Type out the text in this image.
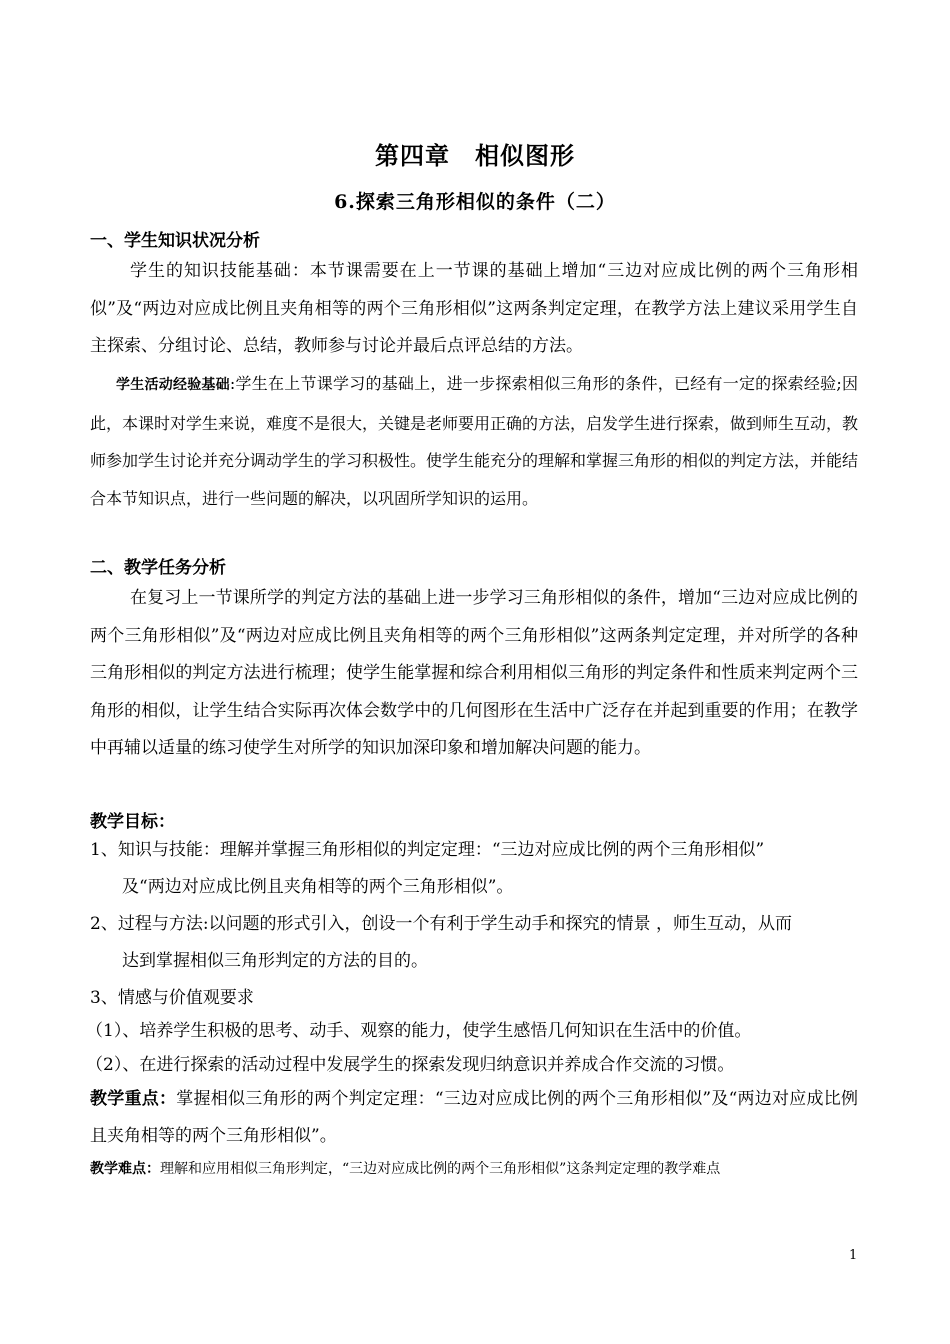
第四章　相似图形
6.探索三角形相似的条件（二）
一、学生知识状况分析
学生的知识技能基础：本节课需要在上一节课的基础上增加“三边对应成比例的两个三角形相似”及“两边对应成比例且夹角相等的两个三角形相似”这两条判定定理，在教学方法上建议采用学生自主探索、分组讨论、总结，教师参与讨论并最后点评总结的方法。
学生活动经验基础:学生在上节课学习的基础上，进一步探索相似三角形的条件，已经有一定的探索经验;因此，本课时对学生来说，难度不是很大，关键是老师要用正确的方法，启发学生进行探索，做到师生互动，教师参加学生讨论并充分调动学生的学习积极性。使学生能充分的理解和掌握三角形的相似的判定方法，并能结合本节知识点，进行一些问题的解决，以巩固所学知识的运用。
二、教学任务分析
在复习上一节课所学的判定方法的基础上进一步学习三角形相似的条件，增加“三边对应成比例的两个三角形相似”及“两边对应成比例且夹角相等的两个三角形相似”这两条判定定理，并对所学的各种三角形相似的判定方法进行梳理；使学生能掌握和综合利用相似三角形的判定条件和性质来判定两个三角形的相似，让学生结合实际再次体会数学中的几何图形在生活中广泛存在并起到重要的作用；在教学中再辅以适量的练习使学生对所学的知识加深印象和增加解决问题的能力。
教学目标：
1、知识与技能：理解并掌握三角形相似的判定定理：“三边对应成比例的两个三角形相似”
及“两边对应成比例且夹角相等的两个三角形相似”。
2、过程与方法:以问题的形式引入，创设一个有利于学生动手和探究的情景 ，师生互动，从而
达到掌握相似三角形判定的方法的目的。
3、情感与价值观要求
（1）、培养学生积极的思考、动手、观察的能力，使学生感悟几何知识在生活中的价值。
（2）、在进行探索的活动过程中发展学生的探索发现归纳意识并养成合作交流的习惯。
教学重点：掌握相似三角形的两个判定定理：“三边对应成比例的两个三角形相似”及“两边对应成比例且夹角相等的两个三角形相似”。
教学难点：理解和应用相似三角形判定，“三边对应成比例的两个三角形相似”这条判定定理的教学难点
1
